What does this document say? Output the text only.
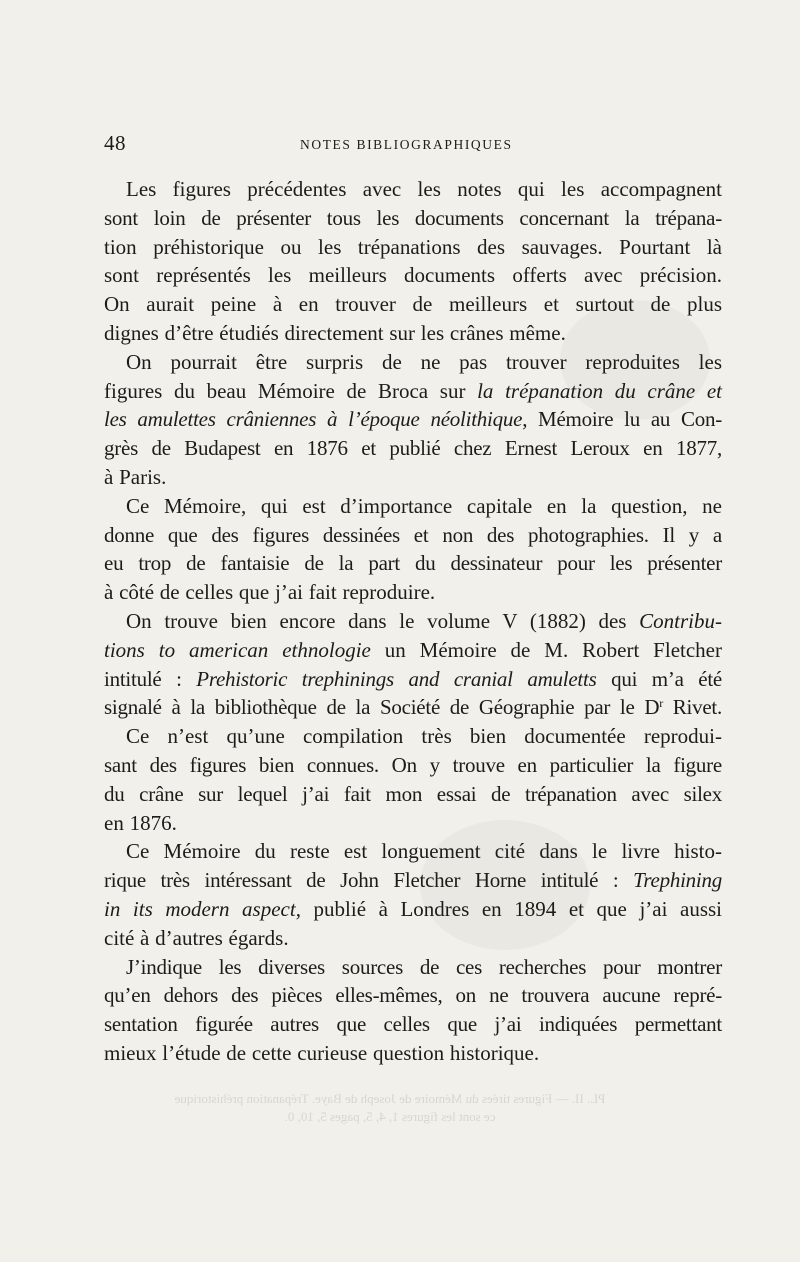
PL. II. — Figures tirées du Mémoire de Joseph de Baye. Trépanation préhistorique
ce sont les figures 1, 4, 5, pages 5, 10, 0.
48	NOTES BIBLIOGRAPHIQUES
Les figures précédentes avec les notes qui les accompagnent
sont loin de présenter tous les documents concernant la trépana-
tion préhistorique ou les trépanations des sauvages. Pourtant là
sont représentés les meilleurs documents offerts avec précision.
On aurait peine à en trouver de meilleurs et surtout de plus
dignes d’être étudiés directement sur les crânes même.
On pourrait être surpris de ne pas trouver reproduites les
figures du beau Mémoire de Broca sur la trépanation du crâne et
les amulettes crâniennes à l’époque néolithique, Mémoire lu au Con-
grès de Budapest en 1876 et publié chez Ernest Leroux en 1877,
à Paris.
Ce Mémoire, qui est d’importance capitale en la question, ne
donne que des figures dessinées et non des photographies. Il y a
eu trop de fantaisie de la part du dessinateur pour les présenter
à côté de celles que j’ai fait reproduire.
On trouve bien encore dans le volume V (1882) des Contribu-
tions to american ethnologie un Mémoire de M. Robert Fletcher
intitulé : Prehistoric trephinings and cranial amuletts qui m’a été
signalé à la bibliothèque de la Société de Géographie par le $D^r$ Rivet.
Ce n’est qu’une compilation très bien documentée reprodui-
sant des figures bien connues. On y trouve en particulier la figure
du crâne sur lequel j’ai fait mon essai de trépanation avec silex
en 1876.
Ce Mémoire du reste est longuement cité dans le livre histo-
rique très intéressant de John Fletcher Horne intitulé : Trephining
in its modern aspect, publié à Londres en 1894 et que j’ai aussi
cité à d’autres égards.
J’indique les diverses sources de ces recherches pour montrer
qu’en dehors des pièces elles-mêmes, on ne trouvera aucune repré-
sentation figurée autres que celles que j’ai indiquées permettant
mieux l’étude de cette curieuse question historique.
